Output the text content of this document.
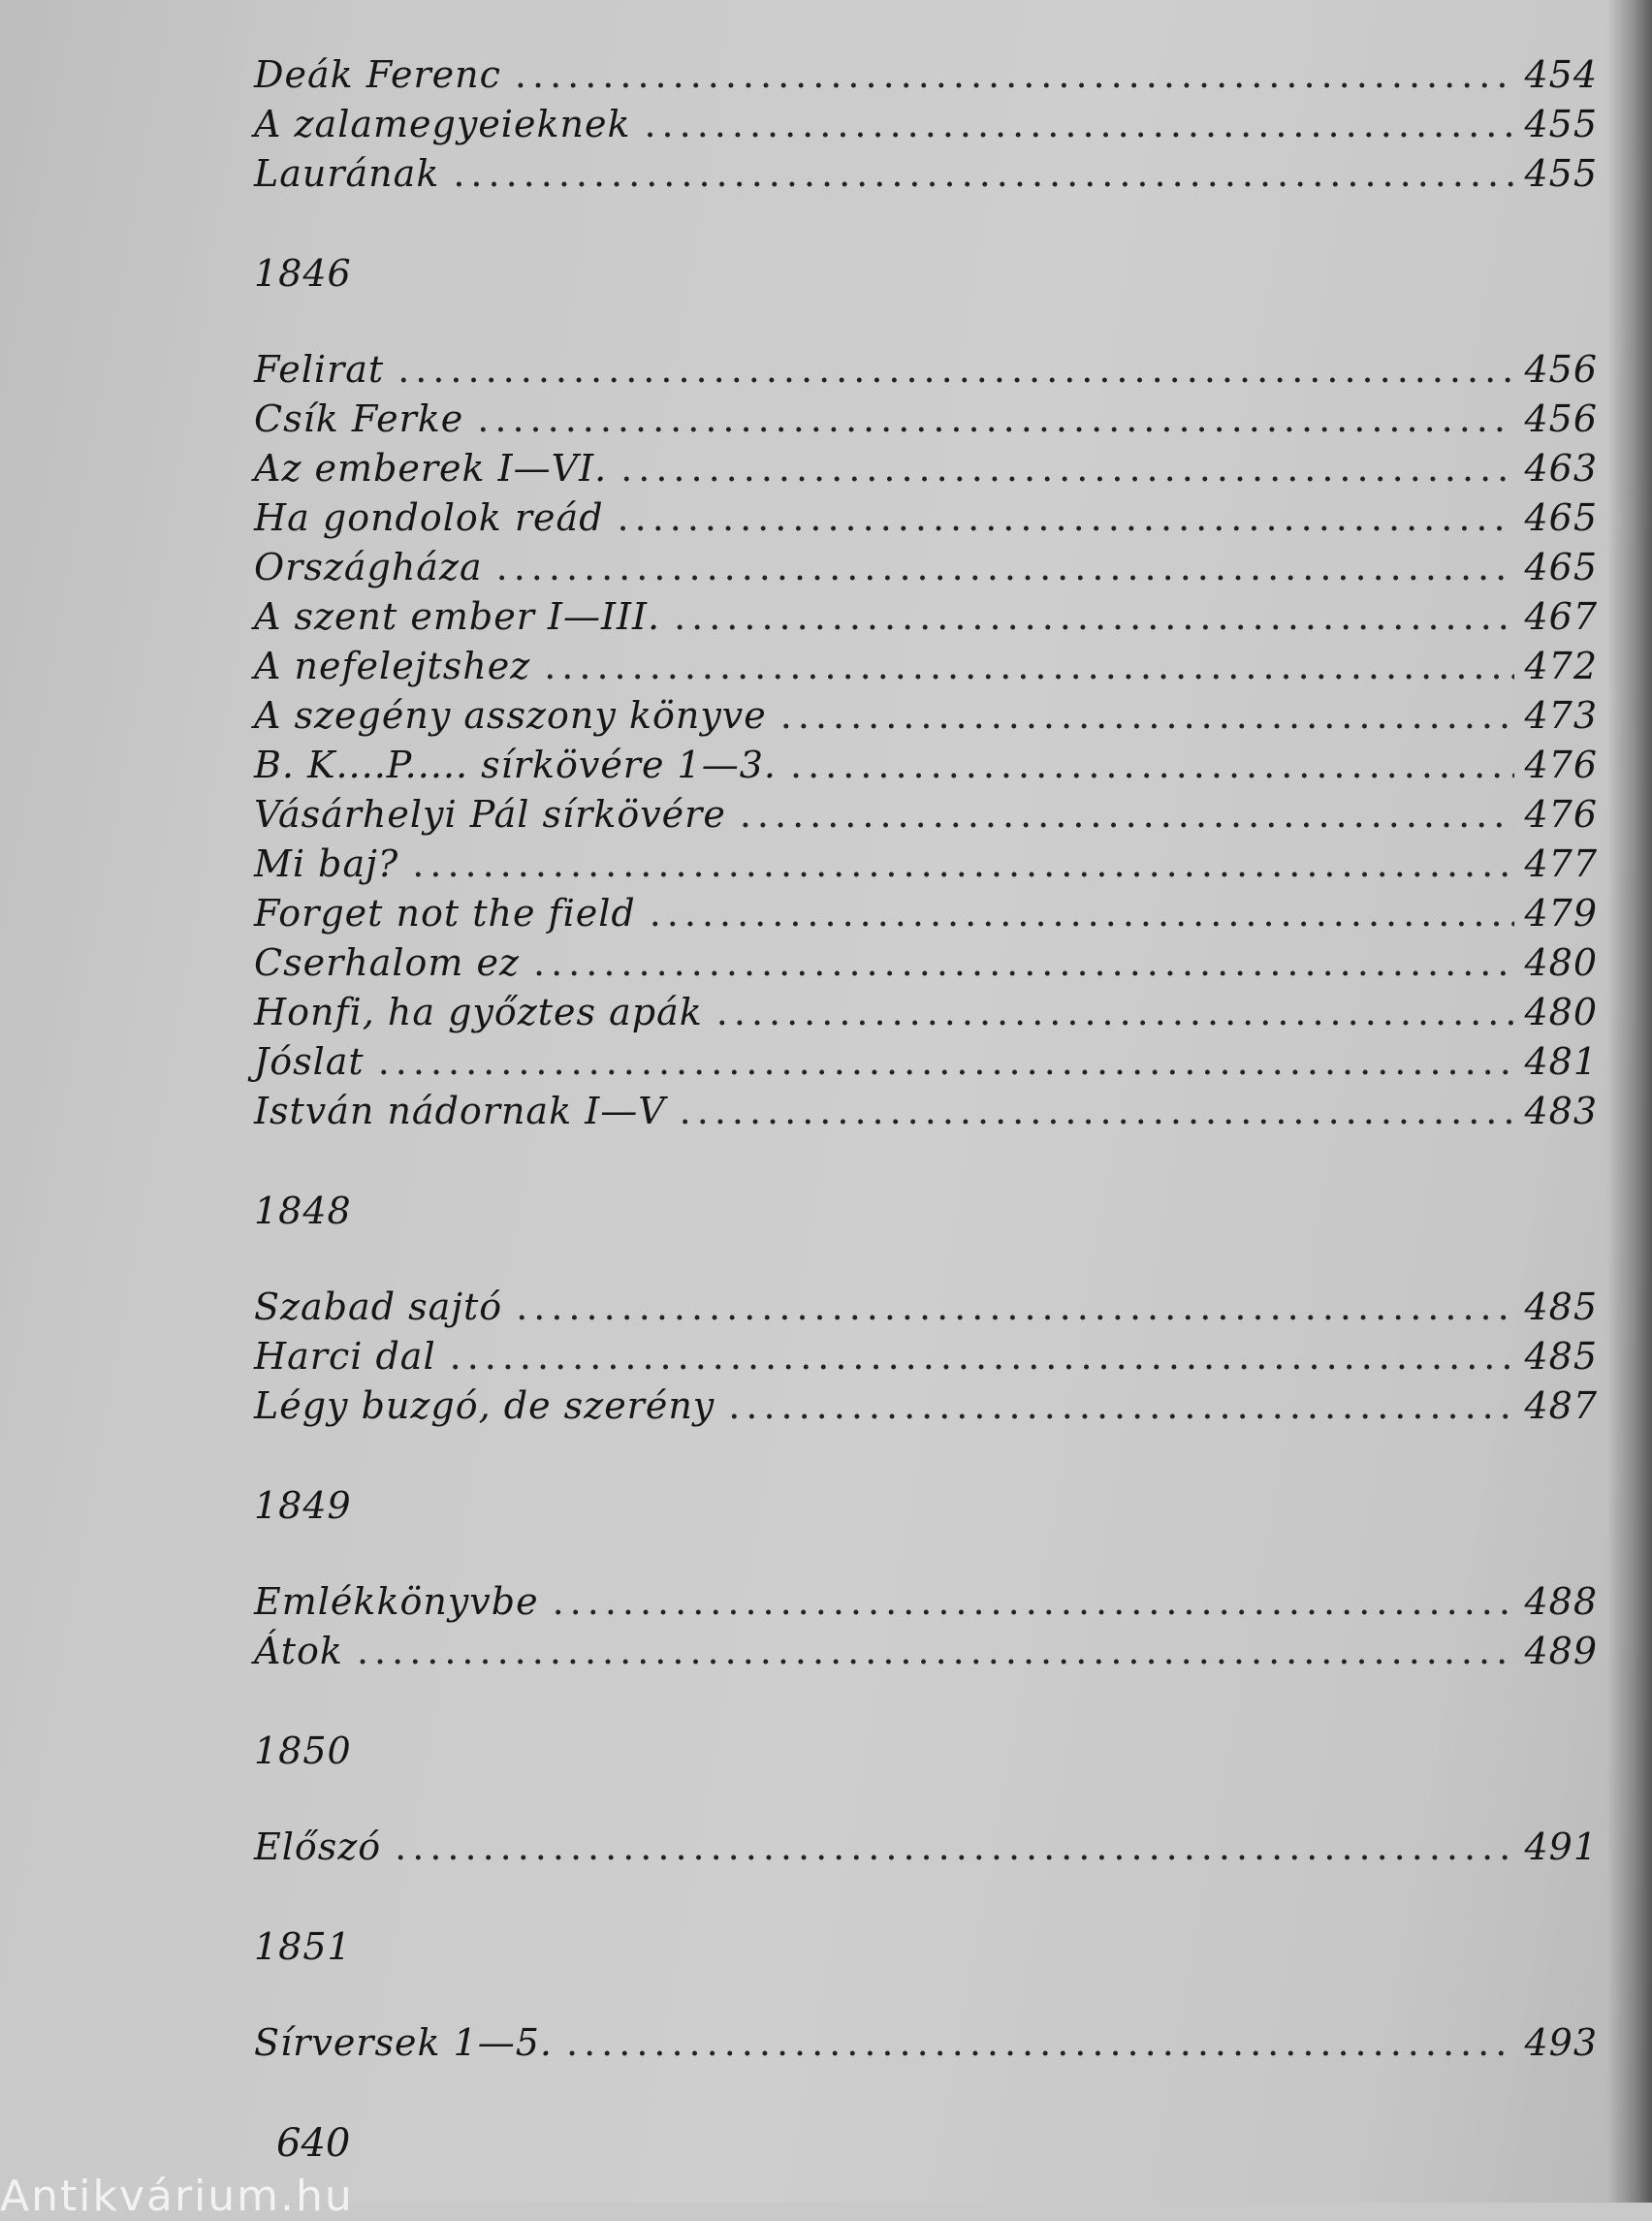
Deák Ferenc .....	454
A zalamegyeieknek .....	455
Laurának .....	455
1846
Felirat .....	456
Csík Ferke .....	456
Az emberek I—VI. .....	463
Ha gondolok reád .....	465
Országháza .....	465
A szent ember I—III. .....	467
A nefelejtshez .....	472
A szegény asszony könyve .....	473
B. K....P..... sírkövére 1—3. .....	476
Vásárhelyi Pál sírkövére .....	476
Mi baj? .....	477
Forget not the field .....	479
Cserhalom ez .....	480
Honfi, ha győztes apák .....	480
Jóslat .....	481
István nádornak I—V .....	483
1848
Szabad sajtó .....	485
Harci dal .....	485
Légy buzgó, de szerény .....	487
1849
Emlékkönyvbe .....	488
Átok .....	489
1850
Előszó .....	491
1851
Sírversek 1—5. .....	493
640
Antikvárium.hu
